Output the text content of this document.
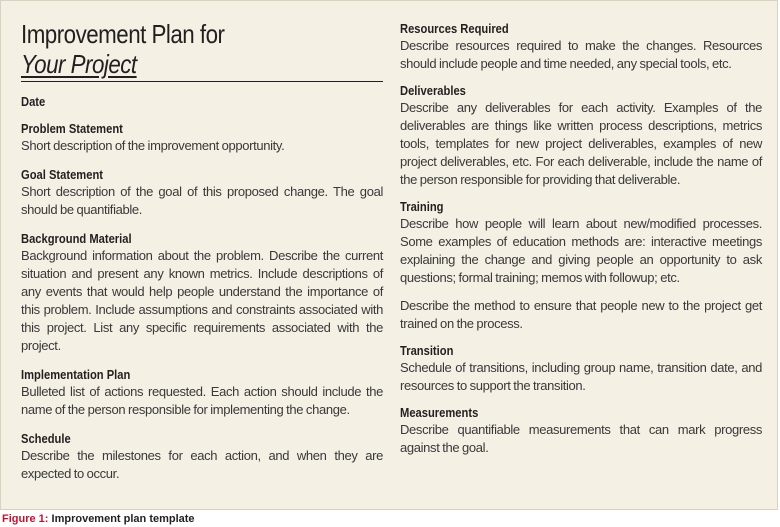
Improvement Plan for
Your Project
Date
Problem Statement
Short description of the improvement opportunity.
Goal Statement
Short description of the goal of this proposed change. The goal should be quantifiable.
Background Material
Background information about the problem. Describe the current situation and present any known metrics. Include descriptions of any events that would help people understand the importance of this problem. Include assumptions and constraints associated with this project. List any specific requirements associated with the project.
Implementation Plan
Bulleted list of actions requested. Each action should include the name of the person responsible for implementing the change.
Schedule
Describe the milestones for each action, and when they are expected to occur.
Resources Required
Describe resources required to make the changes. Resources should include people and time needed, any special tools, etc.
Deliverables
Describe any deliverables for each activity. Examples of the deliverables are things like written process descriptions, metrics tools, templates for new project deliverables, examples of new project deliverables, etc. For each deliverable, include the name of the person responsible for providing that deliverable.
Training
Describe how people will learn about new/modified processes. Some examples of education methods are: interactive meetings explaining the change and giving people an opportunity to ask questions; formal training; memos with followup; etc.
Describe the method to ensure that people new to the project get trained on the process.
Transition
Schedule of transitions, including group name, transition date, and resources to support the transition.
Measurements
Describe quantifiable measurements that can mark progress against the goal.
Figure 1: Improvement plan template
